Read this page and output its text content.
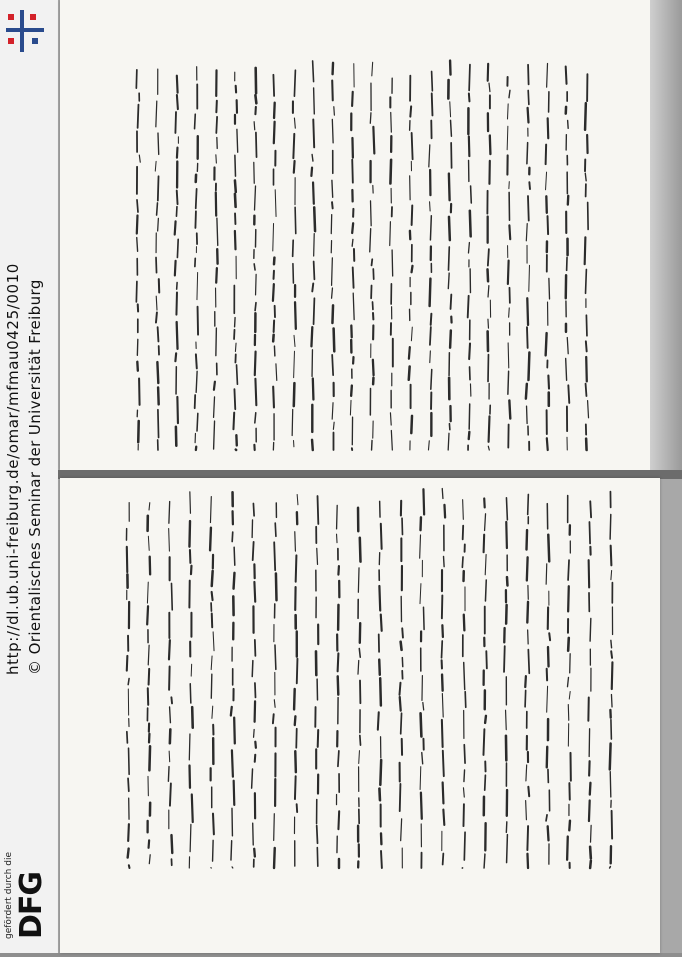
gefördert durch die DFG
http://dl.ub.uni-freiburg.de/omar/mfmau0425/0010 © Orientalisches Seminar der Universität Freiburg
